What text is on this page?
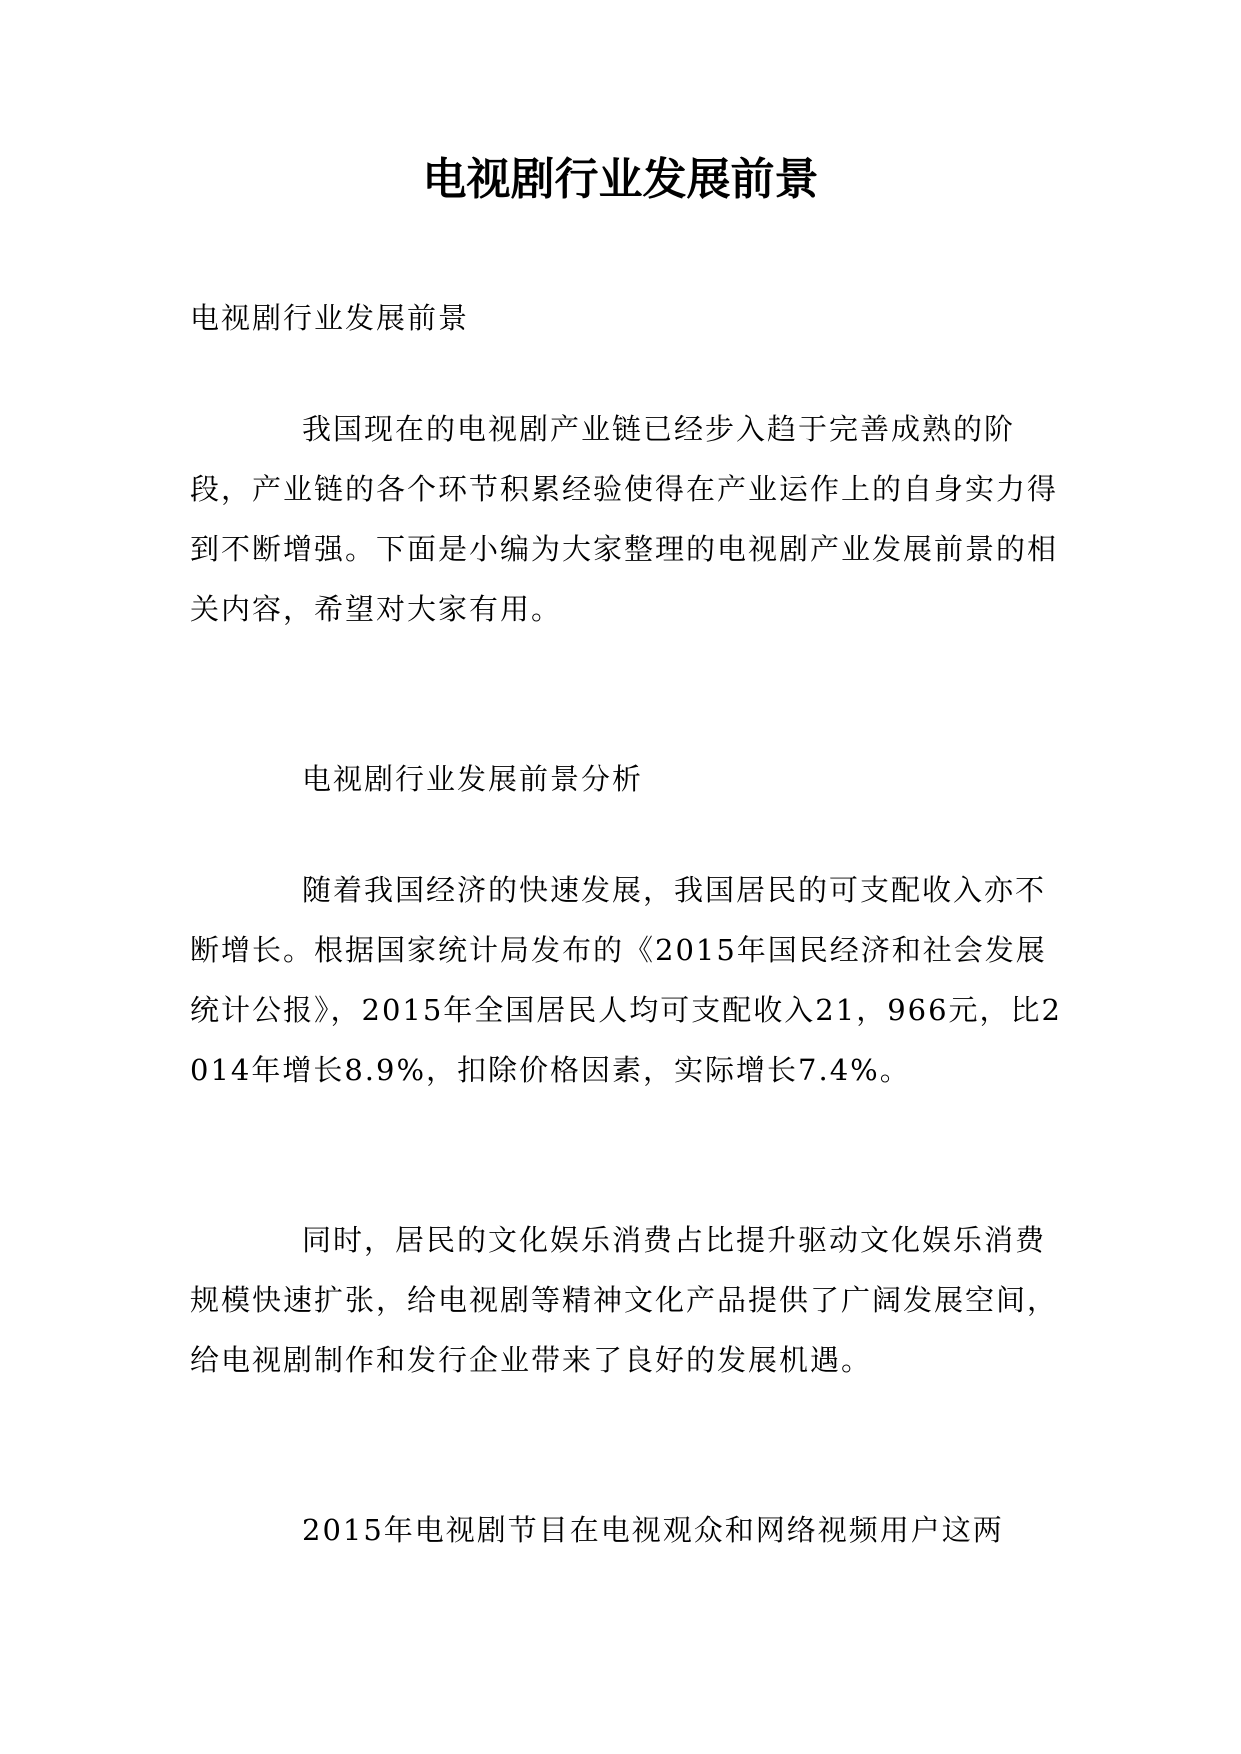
电视剧行业发展前景

电视剧行业发展前景

我国现在的电视剧产业链已经步入趋于完善成熟的阶段，产业链的各个环节积累经验使得在产业运作上的自身实力得到不断增强。下面是小编为大家整理的电视剧产业发展前景的相关内容，希望对大家有用。

电视剧行业发展前景分析

随着我国经济的快速发展，我国居民的可支配收入亦不断增长。根据国家统计局发布的《2015年国民经济和社会发展统计公报》，2015年全国居民人均可支配收入21，966元，比2014年增长8.9%，扣除价格因素，实际增长7.4%。

同时，居民的文化娱乐消费占比提升驱动文化娱乐消费规模快速扩张，给电视剧等精神文化产品提供了广阔发展空间，给电视剧制作和发行企业带来了良好的发展机遇。

2015年电视剧节目在电视观众和网络视频用户这两
